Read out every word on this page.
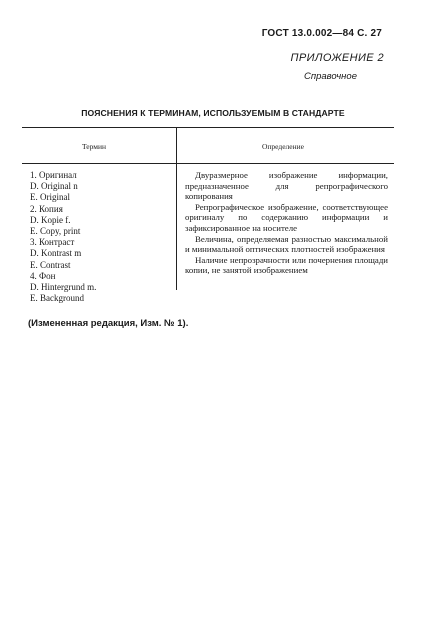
ГОСТ 13.0.002—84 С. 27
ПРИЛОЖЕНИЕ 2
Справочное
ПОЯСНЕНИЯ К ТЕРМИНАМ, ИСПОЛЬЗУЕМЫМ В СТАНДАРТЕ
Термин	Определение
1. Оригинал
D. Original n
E. Original
2. Копия
D. Kopie f.
E. Copy, print
3. Контраст
D. Kontrast m
E. Contrast
4. Фон
D. Hintergrund m.
E. Background

Двуразмерное изображение информации, предназначенное для репрографического копирования

Репрографическое изображение, соответствующее оригиналу по содержанию информации и зафиксированное на носителе

Величина, определяемая разностью максимальной и минимальной оптических плотностей изображения

Наличие непрозрачности или почернения площади копии, не занятой изображением

(Измененная редакция, Изм. № 1).
